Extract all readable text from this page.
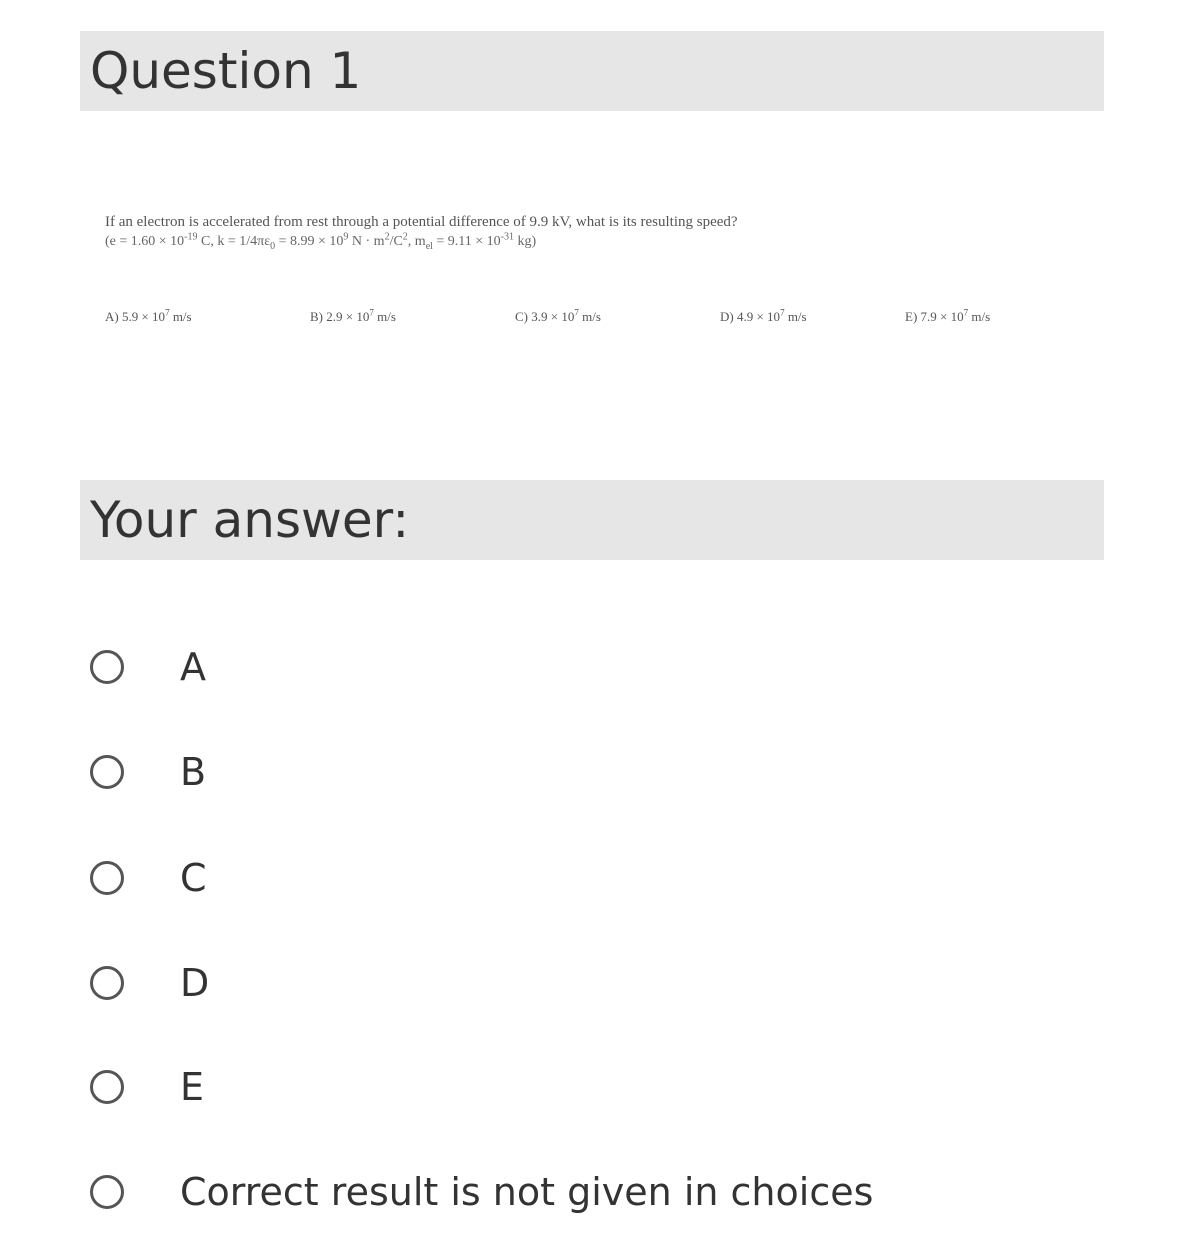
Question 1
If an electron is accelerated from rest through a potential difference of 9.9 kV, what is its resulting speed?
($e = 1.60 \times 10^{-19}$ C, $k = 1/4\pi\varepsilon_0 = 8.99 \times 10^9$ $N \cdot m^2/C^2$, $m_{el} = 9.11 \times 10^{-31}$ kg)
A) $5.9 \times 10^7$ m/s	B) $2.9 \times 10^7$ m/s	C) $3.9 \times 10^7$ m/s	D) $4.9 \times 10^7$ m/s	E) $7.9 \times 10^7$ m/s
Your answer:
A
B
C
D
E
Correct result is not given in choices
